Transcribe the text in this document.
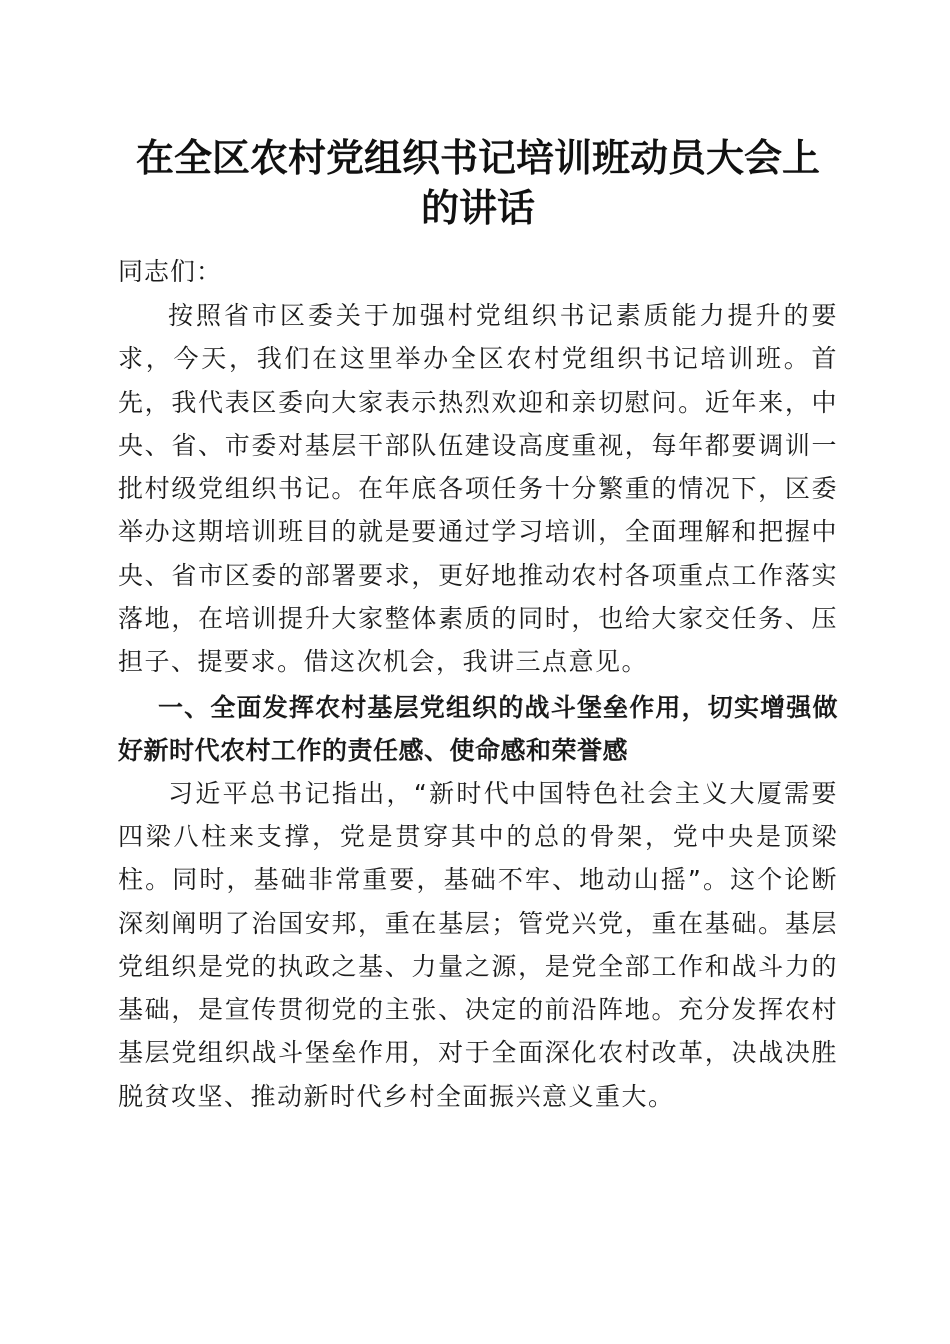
在全区农村党组织书记培训班动员大会上的讲话

同志们：

按照省市区委关于加强村党组织书记素质能力提升的要求，今天，我们在这里举办全区农村党组织书记培训班。首先，我代表区委向大家表示热烈欢迎和亲切慰问。近年来，中央、省、市委对基层干部队伍建设高度重视，每年都要调训一批村级党组织书记。在年底各项任务十分繁重的情况下，区委举办这期培训班目的就是要通过学习培训，全面理解和把握中央、省市区委的部署要求，更好地推动农村各项重点工作落实落地，在培训提升大家整体素质的同时，也给大家交任务、压担子、提要求。借这次机会，我讲三点意见。

一、全面发挥农村基层党组织的战斗堡垒作用，切实增强做好新时代农村工作的责任感、使命感和荣誉感

习近平总书记指出，“新时代中国特色社会主义大厦需要四梁八柱来支撑，党是贯穿其中的总的骨架，党中央是顶梁柱。同时，基础非常重要，基础不牢、地动山摇”。这个论断深刻阐明了治国安邦，重在基层；管党兴党，重在基础。基层党组织是党的执政之基、力量之源，是党全部工作和战斗力的基础，是宣传贯彻党的主张、决定的前沿阵地。充分发挥农村基层党组织战斗堡垒作用，对于全面深化农村改革，决战决胜脱贫攻坚、推动新时代乡村全面振兴意义重大。
